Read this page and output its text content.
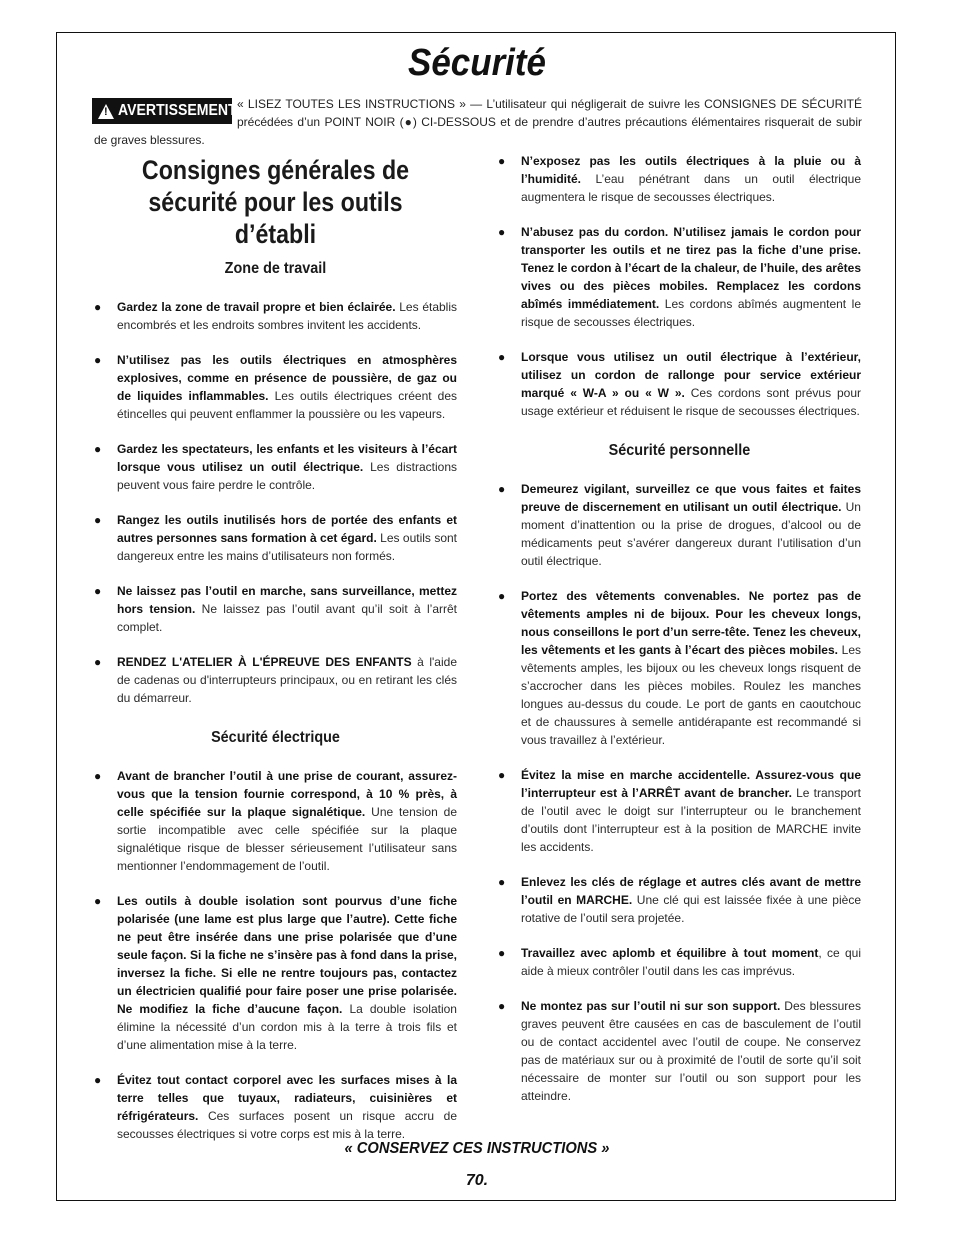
Sécurité
« LISEZ TOUTES LES INSTRUCTIONS » — L’utilisateur qui négligerait de suivre les CONSIGNES DE SÉCURITÉ précédées d’un POINT NOIR (●) CI-DESSOUS et de prendre d’autres précautions élémentaires risquerait de subir de graves blessures.
! AVERTISSEMENT
Consignes générales de sécurité pour les outils d’établi
Zone de travail
● Gardez la zone de travail propre et bien éclairée. Les établis encombrés et les endroits sombres invitent les accidents.
● N’utilisez pas les outils électriques en atmosphères explosives, comme en présence de poussière, de gaz ou de liquides inflammables. Les outils électriques créent des étincelles qui peuvent enflammer la poussière ou les vapeurs.
● Gardez les spectateurs, les enfants et les visiteurs à l’écart lorsque vous utilisez un outil électrique. Les distractions peuvent vous faire perdre le contrôle.
● Rangez les outils inutilisés hors de portée des enfants et autres personnes sans formation à cet égard. Les outils sont dangereux entre les mains d’utilisateurs non formés.
● Ne laissez pas l’outil en marche, sans surveillance, mettez hors tension. Ne laissez pas l’outil avant qu’il soit à l’arrêt complet.
● RENDEZ L'ATELIER À L'ÉPREUVE DES ENFANTS à l'aide de cadenas ou d'interrupteurs principaux, ou en retirant les clés du démarreur.
Sécurité électrique
● Avant de brancher l’outil à une prise de courant, assurez-vous que la tension fournie correspond, à 10 % près, à celle spécifiée sur la plaque signalétique. Une tension de sortie incompatible avec celle spécifiée sur la plaque signalétique risque de blesser sérieusement l’utilisateur sans mentionner l’endommagement de l’outil.
● Les outils à double isolation sont pourvus d’une fiche polarisée (une lame est plus large que l’autre). Cette fiche ne peut être insérée dans une prise polarisée que d’une seule façon. Si la fiche ne s’insère pas à fond dans la prise, inversez la fiche. Si elle ne rentre toujours pas, contactez un électricien qualifié pour faire poser une prise polarisée. Ne modifiez la fiche d’aucune façon. La double isolation élimine la nécessité d’un cordon mis à la terre à trois fils et d’une alimentation mise à la terre.
● Évitez tout contact corporel avec les surfaces mises à la terre telles que tuyaux, radiateurs, cuisinières et réfrigérateurs. Ces surfaces posent un risque accru de secousses électriques si votre corps est mis à la terre.
● N’exposez pas les outils électriques à la pluie ou à l’humidité. L’eau pénétrant dans un outil électrique augmentera le risque de secousses électriques.
● N’abusez pas du cordon. N’utilisez jamais le cordon pour transporter les outils et ne tirez pas la fiche d’une prise. Tenez le cordon à l’écart de la chaleur, de l’huile, des arêtes vives ou des pièces mobiles. Remplacez les cordons abîmés immédiatement. Les cordons abîmés augmentent le risque de secousses électriques.
● Lorsque vous utilisez un outil électrique à l’extérieur, utilisez un cordon de rallonge pour service extérieur marqué « W-A » ou « W ». Ces cordons sont prévus pour usage extérieur et réduisent le risque de secousses électriques.
Sécurité personnelle
● Demeurez vigilant, surveillez ce que vous faites et faites preuve de discernement en utilisant un outil électrique. Un moment d’inattention ou la prise de drogues, d’alcool ou de médicaments peut s’avérer dangereux durant l’utilisation d’un outil électrique.
● Portez des vêtements convenables. Ne portez pas de vêtements amples ni de bijoux. Pour les cheveux longs, nous conseillons le port d’un serre-tête. Tenez les cheveux, les vêtements et les gants à l’écart des pièces mobiles. Les vêtements amples, les bijoux ou les cheveux longs risquent de s’accrocher dans les pièces mobiles. Roulez les manches longues au-dessus du coude. Le port de gants en caoutchouc et de chaussures à semelle antidérapante est recommandé si vous travaillez à l’extérieur.
● Évitez la mise en marche accidentelle. Assurez-vous que l’interrupteur est à l’ARRÊT avant de brancher. Le transport de l’outil avec le doigt sur l’interrupteur ou le branchement d’outils dont l’interrupteur est à la position de MARCHE invite les accidents.
● Enlevez les clés de réglage et autres clés avant de mettre l’outil en MARCHE. Une clé qui est laissée fixée à une pièce rotative de l’outil sera projetée.
● Travaillez avec aplomb et équilibre à tout moment, ce qui aide à mieux contrôler l’outil dans les cas imprévus.
● Ne montez pas sur l’outil ni sur son support. Des blessures graves peuvent être causées en cas de basculement de l’outil ou de contact accidentel avec l’outil de coupe. Ne conservez pas de matériaux sur ou à proximité de l’outil de sorte qu’il soit nécessaire de monter sur l’outil ou son support pour les atteindre.
« CONSERVEZ CES INSTRUCTIONS »
70.
